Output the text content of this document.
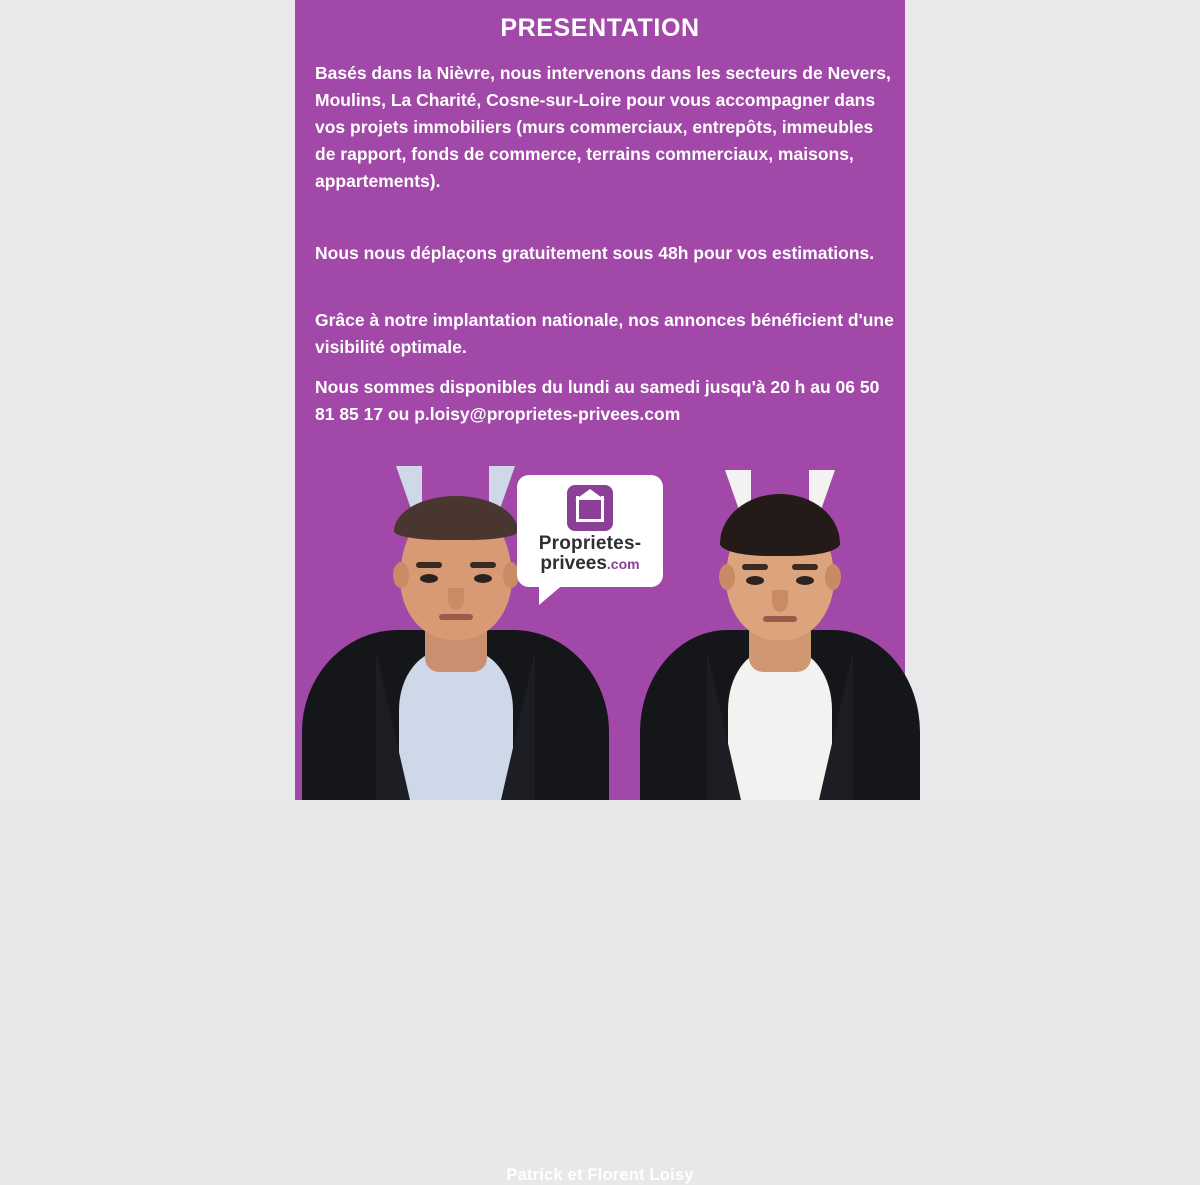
PRESENTATION
Basés dans la Nièvre, nous intervenons dans les secteurs de Nevers, Moulins, La Charité, Cosne-sur-Loire pour vous accompagner dans vos projets immobiliers (murs commerciaux, entrepôts, immeubles de rapport, fonds de commerce, terrains commerciaux, maisons, appartements).
Nous nous déplaçons gratuitement sous 48h pour vos estimations.
Grâce à notre implantation nationale, nos annonces bénéficient d'une visibilité optimale.
Nous sommes disponibles du lundi au samedi jusqu'à 20 h au 06 50 81 85 17 ou p.loisy@proprietes-privees.com
Proprietes-
privees.com
Patrick et Florent Loisy
